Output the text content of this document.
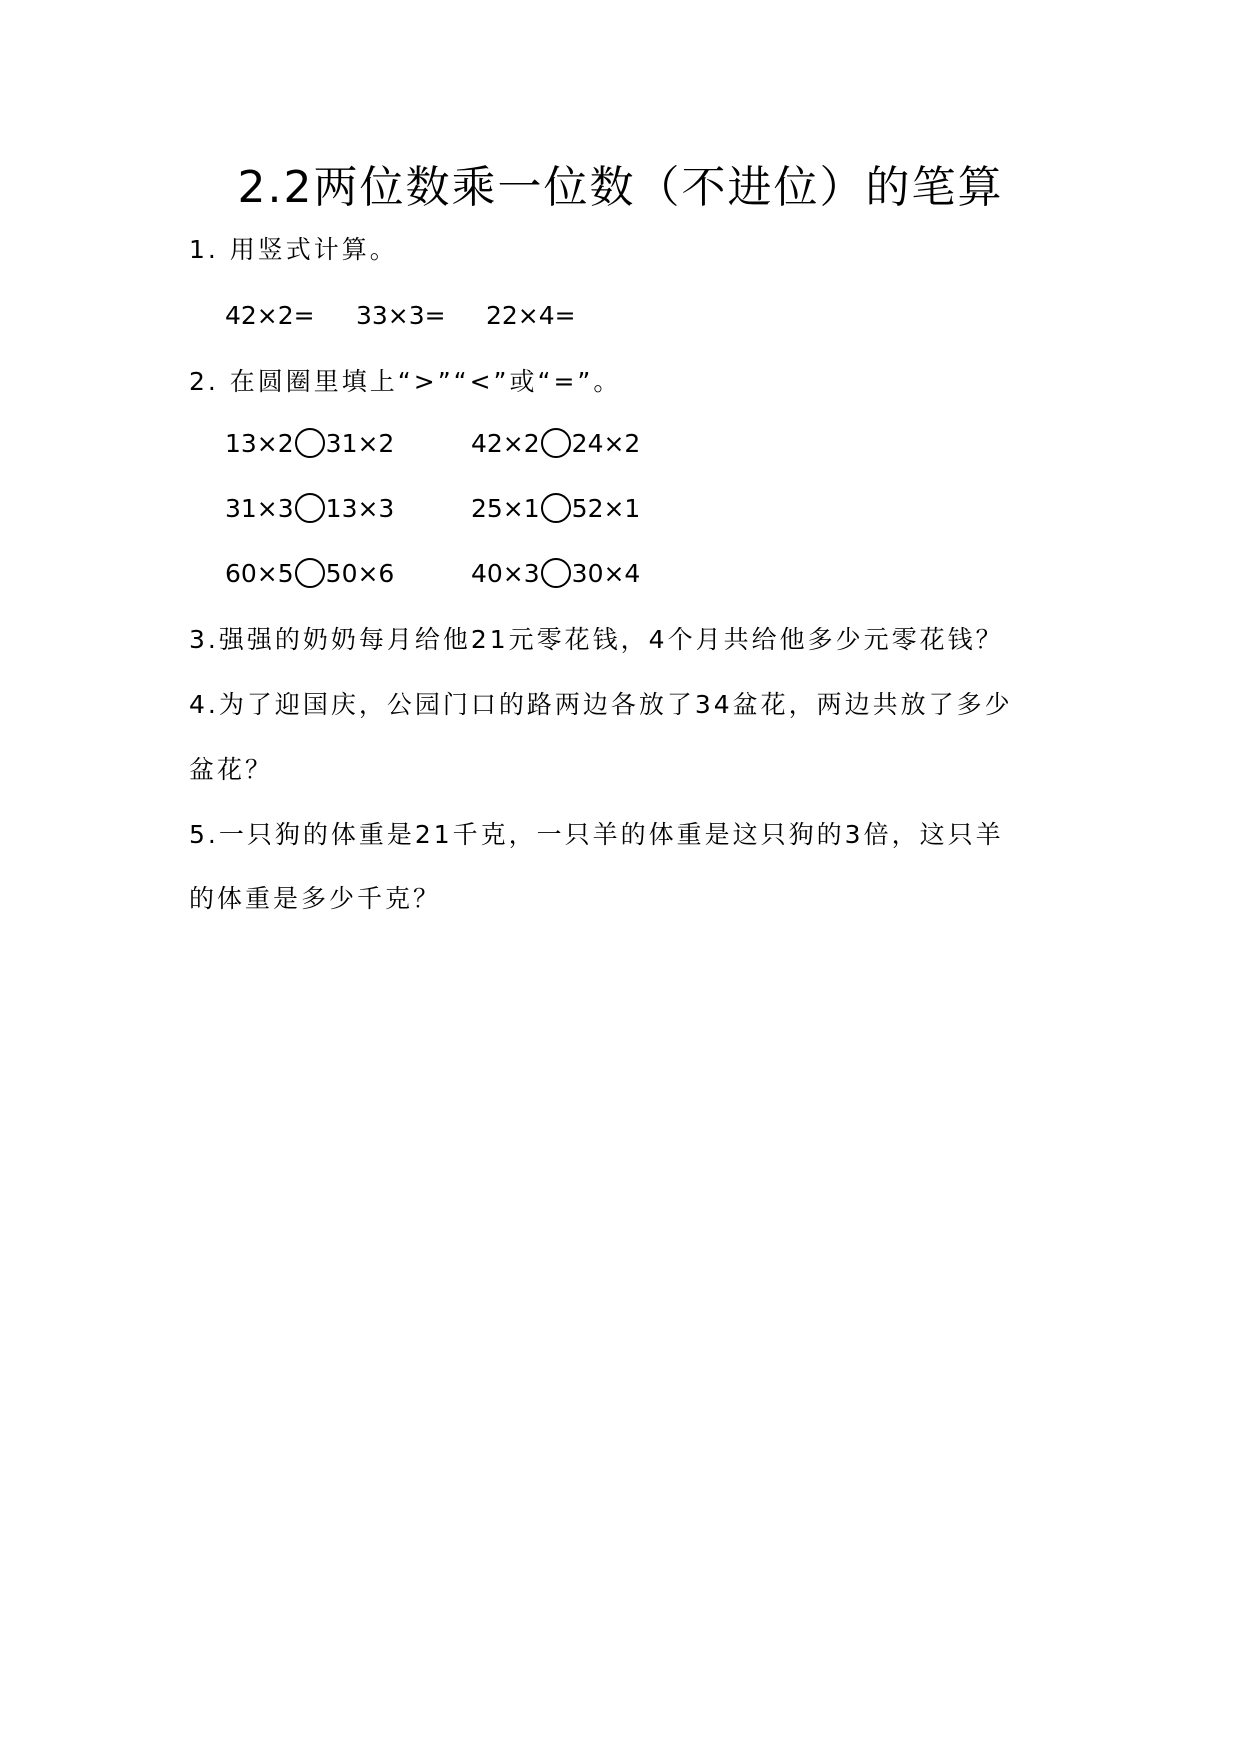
2.2两位数乘一位数（不进位）的笔算
1. 用竖式计算。
42×2= 33×3= 22×4=
2. 在圆圈里填上“>”“<”或“=”。
13×2 31×2	42×2 24×2
31×3 13×3	25×1 52×1
60×5 50×6	40×3 30×4
3.强强的奶奶每月给他21元零花钱，4个月共给他多少元零花钱？
4.为了迎国庆，公园门口的路两边各放了34盆花，两边共放了多少
盆花？
5.一只狗的体重是21千克，一只羊的体重是这只狗的3倍，这只羊
的体重是多少千克？
